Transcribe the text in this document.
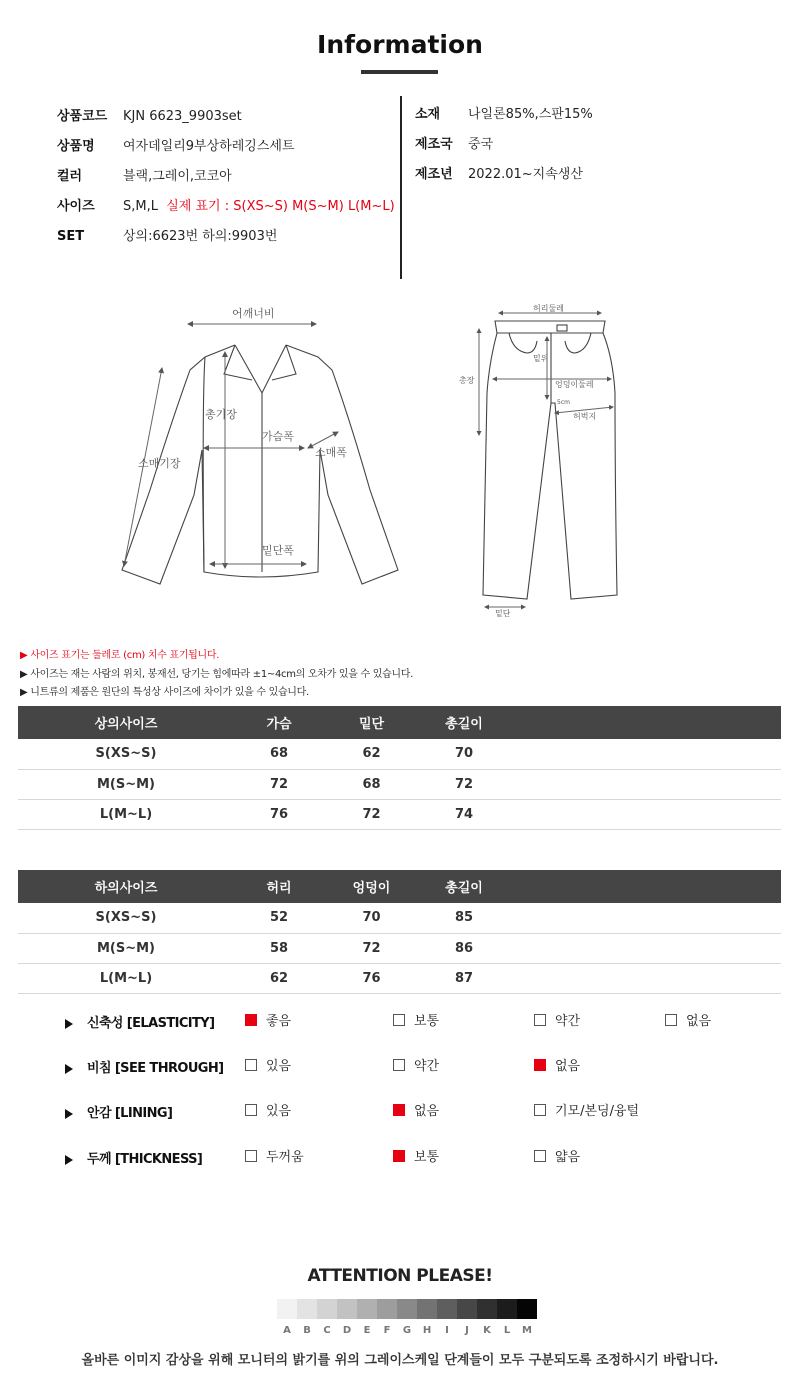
Information
상품코드 KJN 6623_9903set
상품명 여자데일리9부상하레깅스세트
컬러	블랙,그레이,코코아
사이즈 S,M,L 실제 표기 : S(XS~S) M(S~M) L(M~L)
SET	상의:6623번 하의:9903번
소재 나일론85%,스판15%
제조국 중국
제조년 2022.01~지속생산
어깨너비
총기장
가슴폭
소매기장
소매폭
밑단폭
허리둘레
총장
밑위
엉덩이둘레
5cm
허벅지
밑단
▶ 사이즈 표기는 둘레로 (cm) 치수 표기됩니다.
▶ 사이즈는 재는 사람의 위치, 봉재선, 당기는 힘에따라 ±1~4cm의 오차가 있을 수 있습니다.
▶ 니트류의 제품은 원단의 특성상 사이즈에 차이가 있을 수 있습니다.
상의사이즈	가슴	밑단	총길이	
S(XS~S)	68	62	70	
M(S~M)	72	68	72	
L(M~L)	76	72	74	
하의사이즈	허리	엉덩이	총길이	
S(XS~S)	52	70	85	
M(S~M)	58	72	86	
L(M~L)	62	76	87	
신축성 [ELASTICITY]	좋음	보통	약간	없음
비침 [SEE THROUGH]	있음	약간	없음
안감 [LINING]	있음	없음	기모/본딩/융털
두께 [THICKNESS]	두꺼움	보통	얇음
ATTENTION PLEASE!
A	B	C	D	E	F	G	H	I	J	K	L	M
올바른 이미지 감상을 위해 모니터의 밝기를 위의 그레이스케일 단계들이 모두 구분되도록 조정하시기 바랍니다.
